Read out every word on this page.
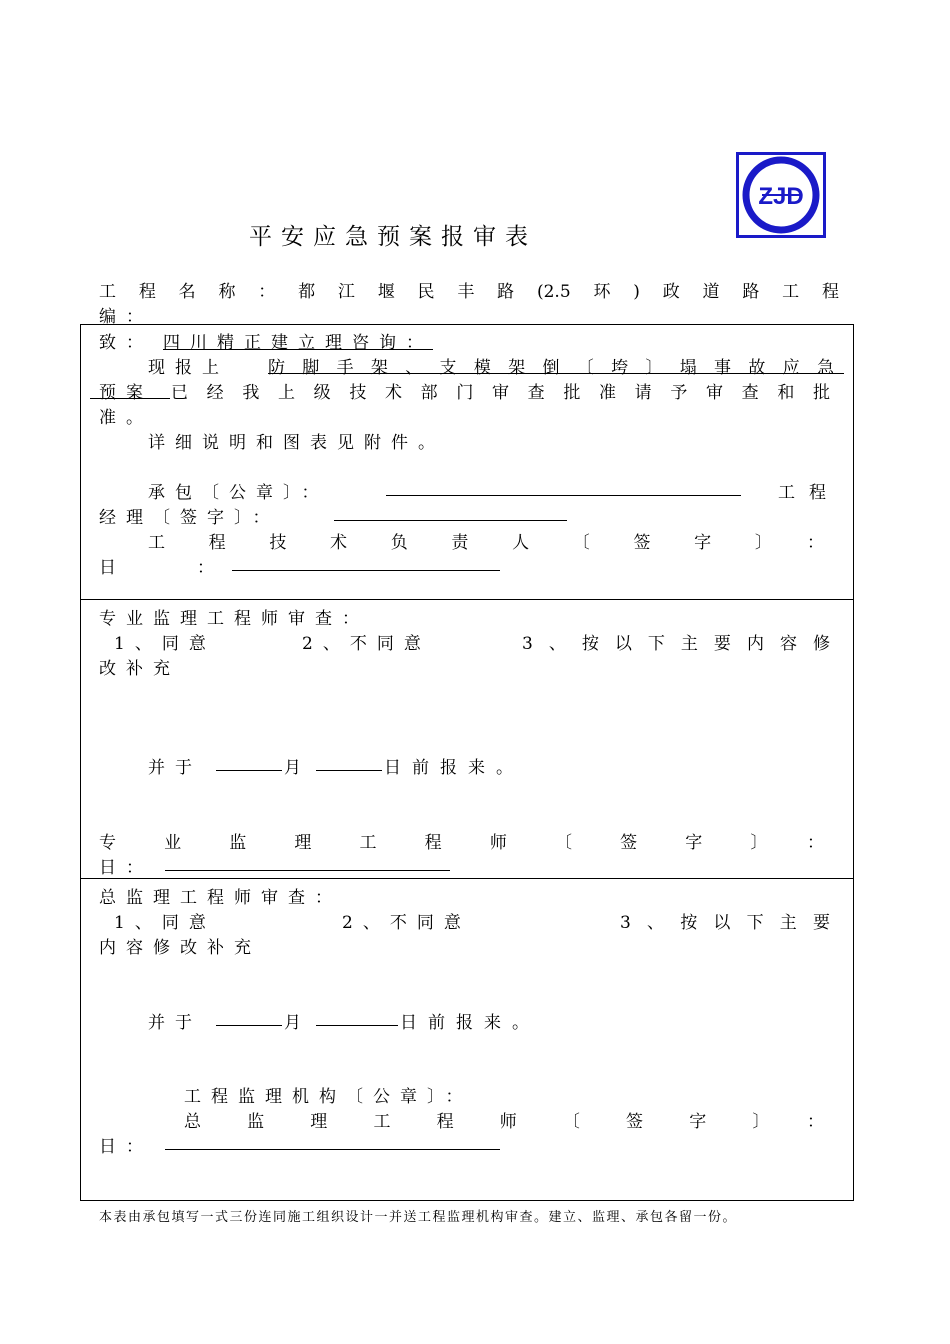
ZJD
平安应急预案报审表
工程名称：都江堰民丰路(2.5环)政道路工程
编：
致： 四川精正建立理咨询：
现报上 防脚手架、支模架倒〔垮〕塌事故应急
预案 已经我上级技术部门审查批准请予审查和批
准。
详细说明和图表见附件。
承包〔公章〕：	工程
经理〔签字〕：
工程技术负责人〔签字〕：
日：
专业监理工程师审查：
1、同意	2、不同意	3、按以下主要内容修
改补充
并于	月	日前报来。
专业监理工程师〔签字〕：
日：
总监理工程师审查：
1、同意	2、不同意	3、按以下主要
内容修改补充
并于	月	日前报来。
工程监理机构〔公章〕：
总监理工程师〔签字〕：
日：
本表由承包填写一式三份连同施工组织设计一并送工程监理机构审查。建立、监理、承包各留一份。
